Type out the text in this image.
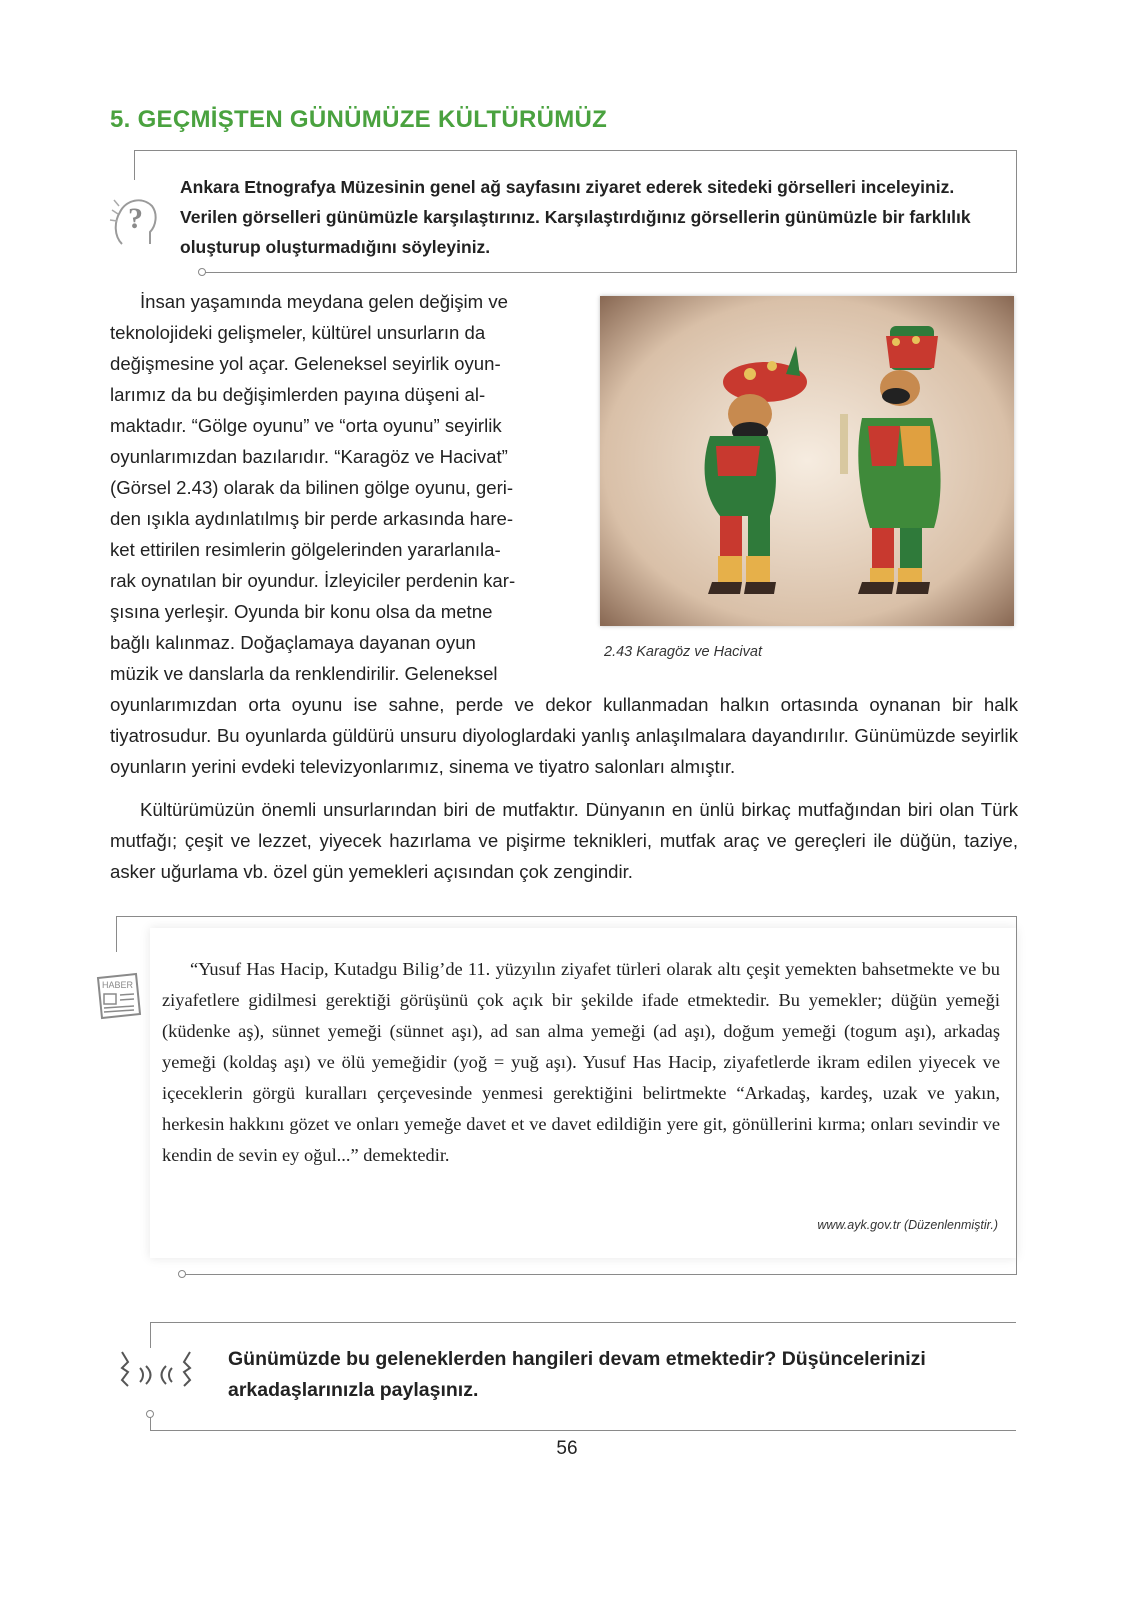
5. GEÇMİŞTEN GÜNÜMÜZE KÜLTÜRÜMÜZ
?
Ankara Etnografya Müzesinin genel ağ sayfasını ziyaret ederek sitedeki görselleri inceleyiniz. Verilen görselleri günümüzle karşılaştırınız. Karşılaştırdığınız görsellerin günümüzle bir farklılık oluşturup oluşturmadığını söyleyiniz.

İnsan yaşamında meydana gelen değişim ve

teknolojideki gelişmeler, kültürel unsurların da

değişmesine yol açar. Geleneksel seyirlik oyun-

larımız da bu değişimlerden payına düşeni al-

maktadır. “Gölge oyunu” ve “orta oyunu” seyirlik

oyunlarımızdan bazılarıdır. “Karagöz ve Hacivat”

(Görsel 2.43) olarak da bilinen gölge oyunu, geri-

den ışıkla aydınlatılmış bir perde arkasında hare-

ket ettirilen resimlerin gölgelerinden yararlanıla-

rak oynatılan bir oyundur. İzleyiciler perdenin kar-

şısına yerleşir. Oyunda bir konu olsa da metne

bağlı kalınmaz. Doğaçlamaya dayanan oyun

müzik ve danslarla da renklendirilir. Geleneksel

2.43 Karagöz ve Hacivat
oyunlarımızdan orta oyunu ise sahne, perde ve dekor kullanmadan halkın ortasında oynanan bir halk tiyatrosudur. Bu oyunlarda güldürü unsuru diyologlardaki yanlış anlaşılmalara dayandırılır. Günümüzde seyirlik oyunların yerini evdeki televizyonlarımız, sinema ve tiyatro salonları almıştır.
Kültürümüzün önemli unsurlarından biri de mutfaktır. Dünyanın en ünlü birkaç mutfağından biri olan Türk mutfağı; çeşit ve lezzet, yiyecek hazırlama ve pişirme teknikleri, mutfak araç ve gereçleri ile düğün, taziye, asker uğurlama vb. özel gün yemekleri açısından çok zengindir.
HABER
“Yusuf Has Hacip, Kutadgu Bilig’de 11. yüzyılın ziyafet türleri olarak altı çeşit yemekten bahsetmekte ve bu ziyafetlere gidilmesi gerektiği görüşünü çok açık bir şekilde ifade etmektedir. Bu yemekler; düğün yemeği (küdenke aş), sünnet yemeği (sünnet aşı), ad san alma yemeği (ad aşı), doğum yemeği (togum aşı), arkadaş yemeği (koldaş aşı) ve ölü yemeğidir (yoğ = yuğ aşı). Yusuf Has Hacip, ziyafetlerde ikram edilen yiyecek ve içeceklerin görgü kuralları çerçevesinde yenmesi gerektiğini belirtmekte “Arkadaş, kardeş, uzak ve yakın, herkesin hakkını gözet ve onları yemeğe davet et ve davet edildiğin yere git, gönüllerini kırma; onları sevindir ve kendin de sevin ey oğul...” demektedir.
www.ayk.gov.tr (Düzenlenmiştir.)
Günümüzde bu geleneklerden hangileri devam etmektedir? Düşüncelerinizi arkadaşlarınızla paylaşınız.
56
